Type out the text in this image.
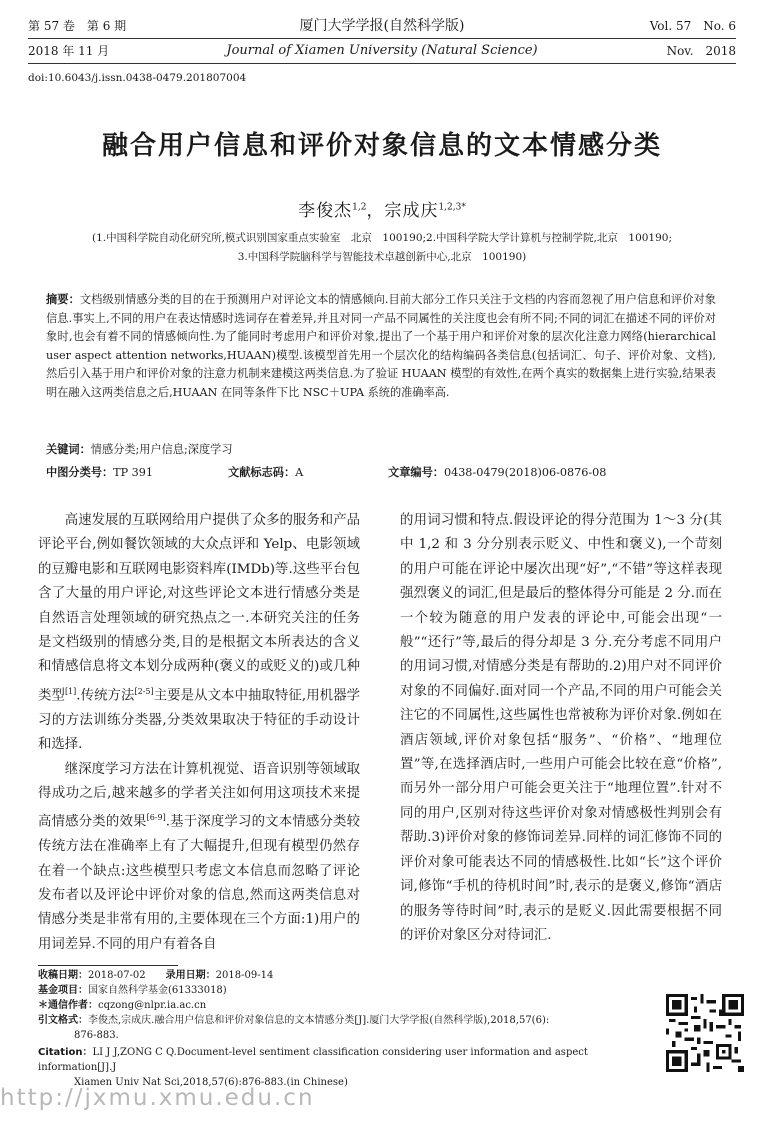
第 57 卷　第 6 期
2018 年 11 月
厦门大学学报(自然科学版)
Journal of Xiamen University (Natural Science)
Vol. 57　No. 6
Nov.　2018
doi:10.6043/j.issn.0438-0479.201807004
融合用户信息和评价对象信息的文本情感分类
李俊杰$^{1,2}$，宗成庆$^{1,2,3*}$
(1.中国科学院自动化研究所,模式识别国家重点实验室　北京　100190;2.中国科学院大学计算机与控制学院,北京　100190;
3.中国科学院脑科学与智能技术卓越创新中心,北京　100190)
摘要：文档级别情感分类的目的在于预测用户对评论文本的情感倾向.目前大部分工作只关注于文档的内容而忽视了用户信息和评价对象信息.事实上,不同的用户在表达情感时选词存在着差异,并且对同一产品不同属性的关注度也会有所不同;不同的词汇在描述不同的评价对象时,也会有着不同的情感倾向性.为了能同时考虑用户和评价对象,提出了一个基于用户和评价对象的层次化注意力网络(hierarchical user aspect attention networks,HUAAN)模型.该模型首先用一个层次化的结构编码各类信息(包括词汇、句子、评价对象、文档),然后引入基于用户和评价对象的注意力机制来建模这两类信息.为了验证 HUAAN 模型的有效性,在两个真实的数据集上进行实验,结果表明在融入这两类信息之后,HUAAN 在同等条件下比 NSC＋UPA 系统的准确率高.
关键词：情感分类;用户信息;深度学习
中图分类号：TP 391	文献标志码：A	文章编号：0438-0479(2018)06-0876-08

高速发展的互联网给用户提供了众多的服务和产品评论平台,例如餐饮领域的大众点评和 Yelp、电影领域的豆瓣电影和互联网电影资料库(IMDb)等.这些平台包含了大量的用户评论,对这些评论文本进行情感分类是自然语言处理领域的研究热点之一.本研究关注的任务是文档级别的情感分类,目的是根据文本所表达的含义和情感信息将文本划分成两种(褒义的或贬义的)或几种类型[1].传统方法[2-5]主要是从文本中抽取特征,用机器学习的方法训练分类器,分类效果取决于特征的手动设计和选择.

继深度学习方法在计算机视觉、语音识别等领域取得成功之后,越来越多的学者关注如何用这项技术来提高情感分类的效果[6-9].基于深度学习的文本情感分类较传统方法在准确率上有了大幅提升,但现有模型仍然存在着一个缺点:这些模型只考虑文本信息而忽略了评论发布者以及评论中评价对象的信息,然而这两类信息对情感分类是非常有用的,主要体现在三个方面:1)用户的用词差异.不同的用户有着各自

的用词习惯和特点.假设评论的得分范围为 1～3 分(其中 1,2 和 3 分分别表示贬义、中性和褒义),一个苛刻的用户可能在评论中屡次出现“好”,“不错”等这样表现强烈褒义的词汇,但是最后的整体得分可能是 2 分.而在一个较为随意的用户发表的评论中,可能会出现“一般”“还行”等,最后的得分却是 3 分.充分考虑不同用户的用词习惯,对情感分类是有帮助的.2)用户对不同评价对象的不同偏好.面对同一个产品,不同的用户可能会关注它的不同属性,这些属性也常被称为评价对象.例如在酒店领域,评价对象包括“服务”、“价格”、“地理位置”等,在选择酒店时,一些用户可能会比较在意“价格”,而另外一部分用户可能会更关注于“地理位置”.针对不同的用户,区别对待这些评价对象对情感极性判别会有帮助.3)评价对象的修饰词差异.同样的词汇修饰不同的评价对象可能表达不同的情感极性.比如“长”这个评价词,修饰“手机的待机时间”时,表示的是褒义,修饰“酒店的服务等待时间”时,表示的是贬义.因此需要根据不同的评价对象区分对待词汇.

收稿日期：2018-07-02   录用日期：2018-09-14
基金项目：国家自然科学基金(61333018)
＊通信作者：cqzong@nlpr.ia.ac.cn
引文格式：李俊杰,宗成庆.融合用户信息和评价对象信息的文本情感分类[J].厦门大学学报(自然科学版),2018,57(6):
876-883.
Citation：LI J J,ZONG C Q.Document-level sentiment classification considering user information and aspect information[J].J
Xiamen Univ Nat Sci,2018,57(6):876-883.(in Chinese)
http://jxmu.xmu.edu.cn
